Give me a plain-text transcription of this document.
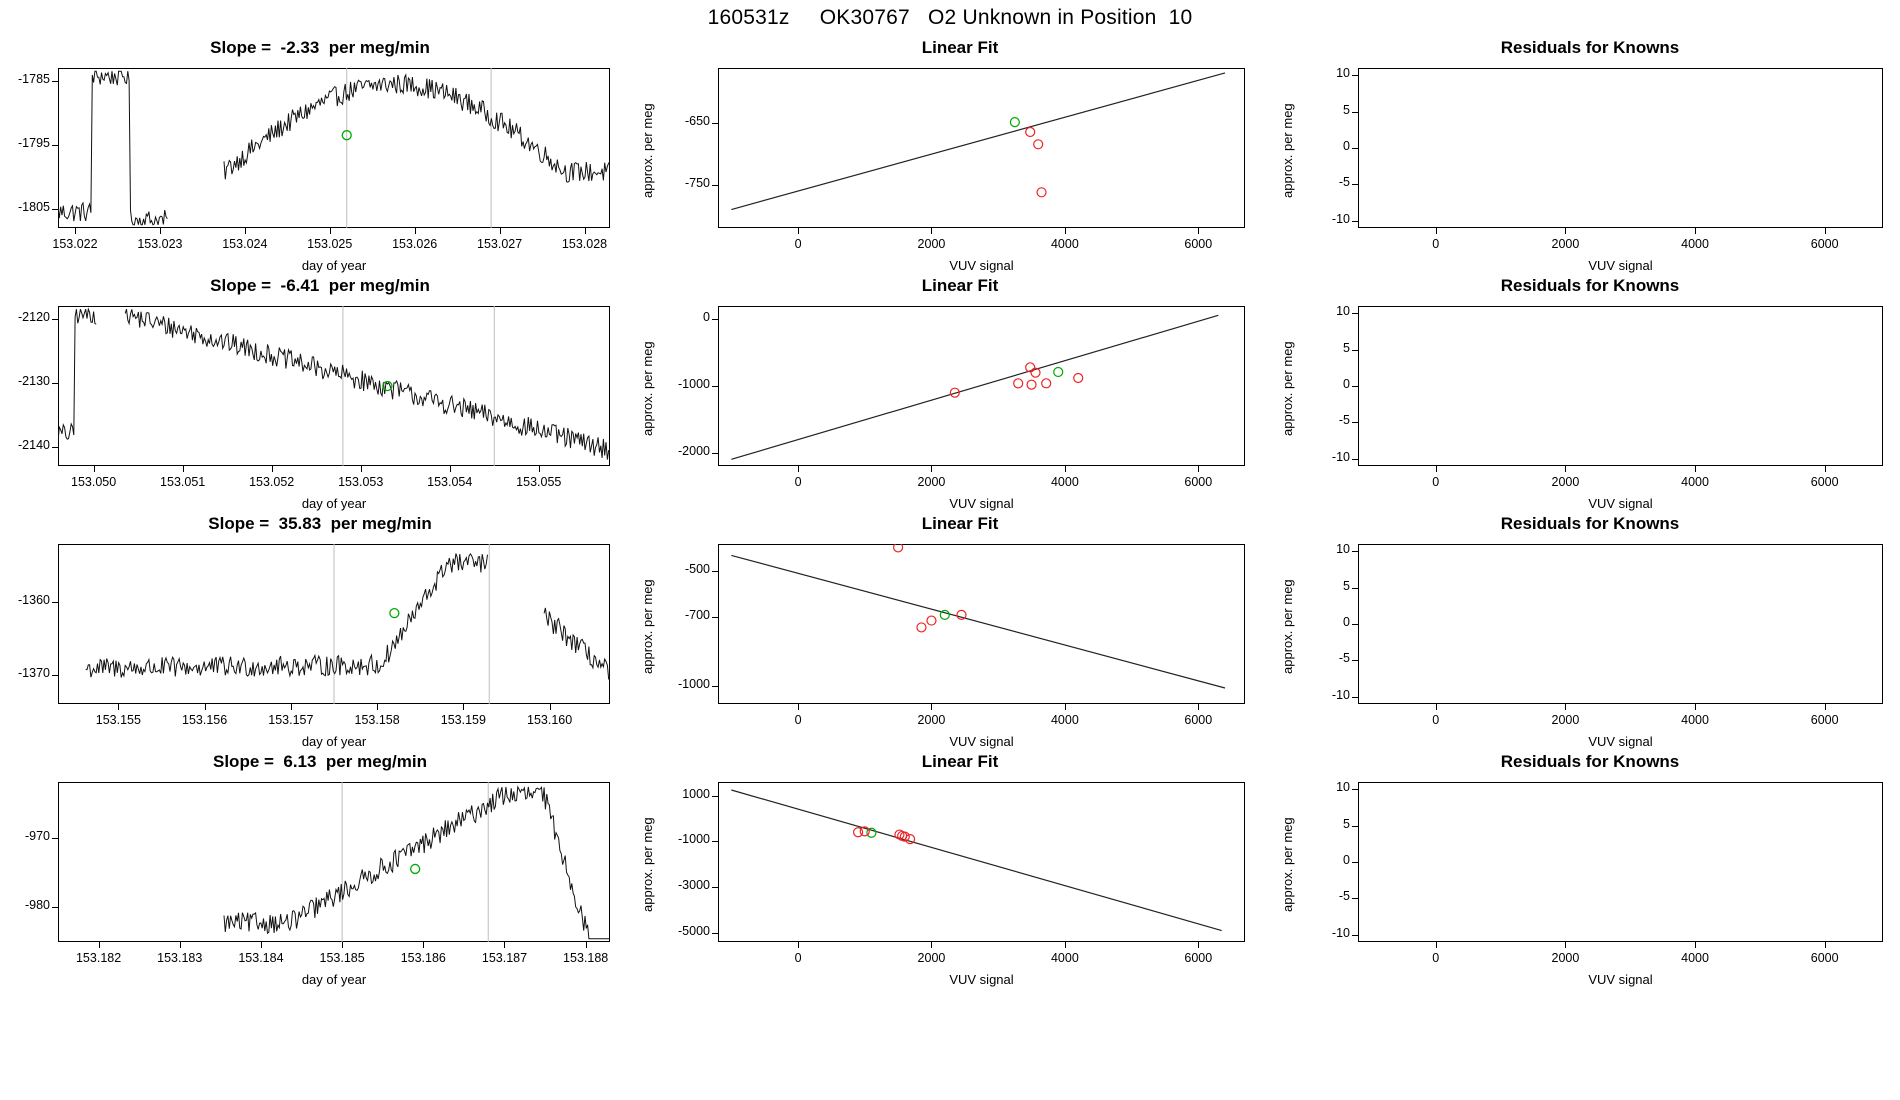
160531z     OK30767   O2 Unknown in Position  10
Slope =  -2.33  per meg/min
153.022	153.023	153.024	153.025	153.026	153.027	153.028
-1805
-1795
-1785
day of year
Linear Fit
0	2000	4000	6000
-750
-650
VUV signal
approx. per meg
Residuals for Knowns
0	2000	4000	6000
-10
-5
0
5
10
VUV signal
approx. per meg
Slope =  -6.41  per meg/min
153.050	153.051	153.052	153.053	153.054	153.055
-2140
-2130
-2120
day of year
Linear Fit
0	2000	4000	6000
-2000
-1000
0
VUV signal
approx. per meg
Residuals for Knowns
0	2000	4000	6000
-10
-5
0
5
10
VUV signal
approx. per meg
Slope =  35.83  per meg/min
153.155	153.156	153.157	153.158	153.159	153.160
-1370
-1360
day of year
Linear Fit
0	2000	4000	6000
-1000
-700
-500
VUV signal
approx. per meg
Residuals for Knowns
0	2000	4000	6000
-10
-5
0
5
10
VUV signal
approx. per meg
Slope =  6.13  per meg/min
153.182	153.183	153.184	153.185	153.186	153.187	153.188
-980
-970
day of year
Linear Fit
0	2000	4000	6000
-5000
-3000
-1000
1000
VUV signal
approx. per meg
Residuals for Knowns
0	2000	4000	6000
-10
-5
0
5
10
VUV signal
approx. per meg
